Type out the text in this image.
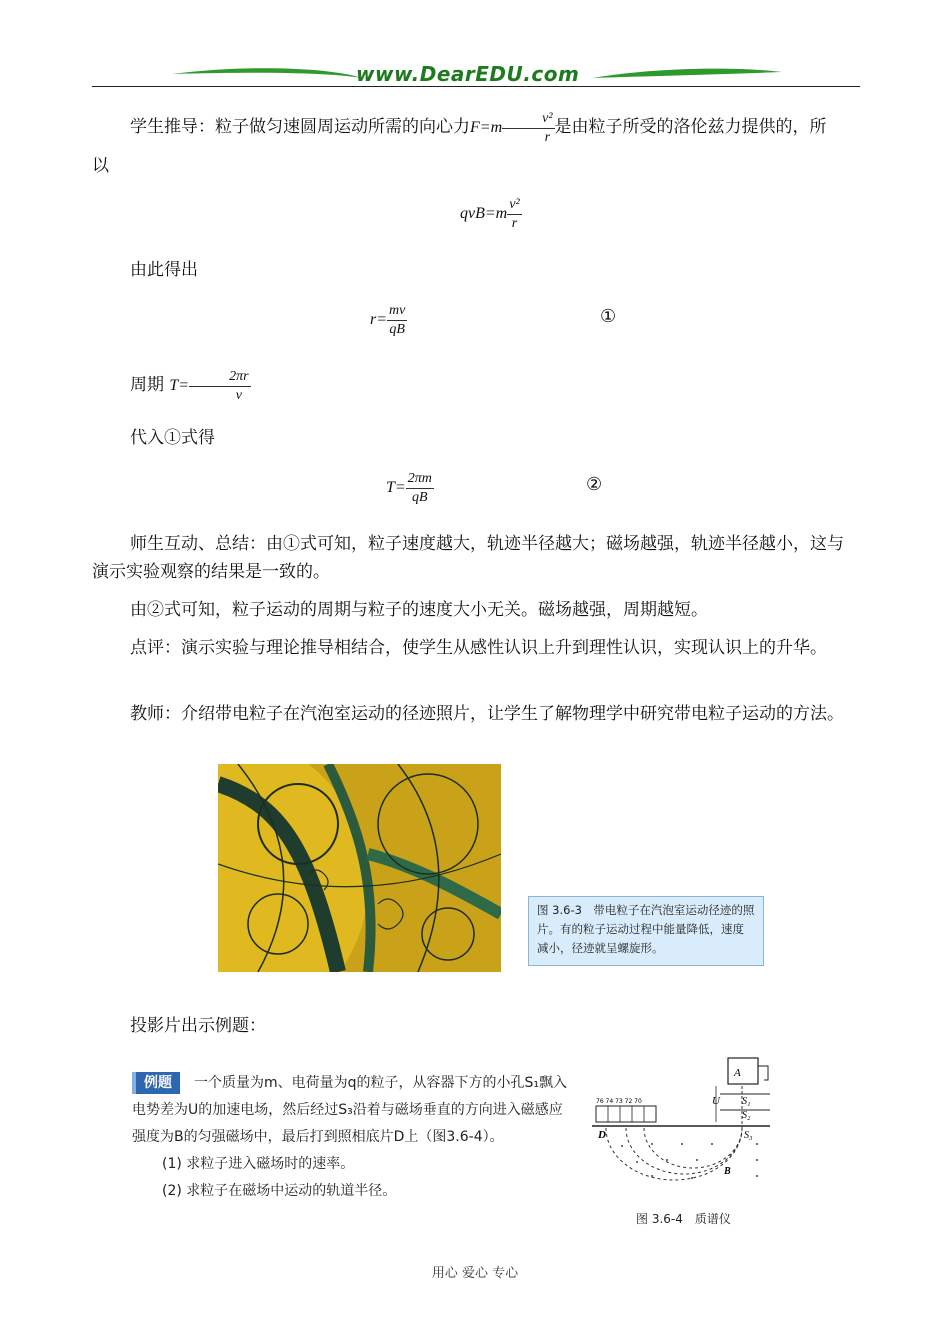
www.DearEDU.com
学生推导：粒子做匀速圆周运动所需的向心力$F=m \frac{\text{v²}}{r}$ 是由粒子所受的洛伦兹力提供的，所
以
$qvB=m \frac{\text{v²}}{r}$
由此得出
$r= \frac{mv}{qB}$	①
周期 $T= \frac{2\pi r}{v}$
代入①式得
$T= \frac{2\pi m}{qB}$	②
师生互动、总结：由①式可知，粒子速度越大，轨迹半径越大；磁场越强，轨迹半径越小，这与演示实验观察的结果是一致的。
由②式可知，粒子运动的周期与粒子的速度大小无关。磁场越强，周期越短。
点评：演示实验与理论推导相结合，使学生从感性认识上升到理性认识，实现认识上的升华。
教师：介绍带电粒子在汽泡室运动的径迹照片，让学生了解物理学中研究带电粒子运动的方法。
图 3.6-3　带电粒子在汽泡室运动径迹的照片。有的粒子运动过程中能量降低，速度减小，径迹就呈螺旋形。
投影片出示例题：
例题 一个质量为m、电荷量为q的粒子，从容器下方的小孔S₁飘入电势差为U的加速电场，然后经过S₃沿着与磁场垂直的方向进入磁感应强度为B的匀强磁场中，最后打到照相底片D上（图3.6-4）。
(1) 求粒子进入磁场时的速率。
(2) 求粒子在磁场中运动的轨道半径。
A
U S₁
S₂
76 74 73 72 70
D	S₃
B
图 3.6-4　质谱仪
用心 爱心 专心
